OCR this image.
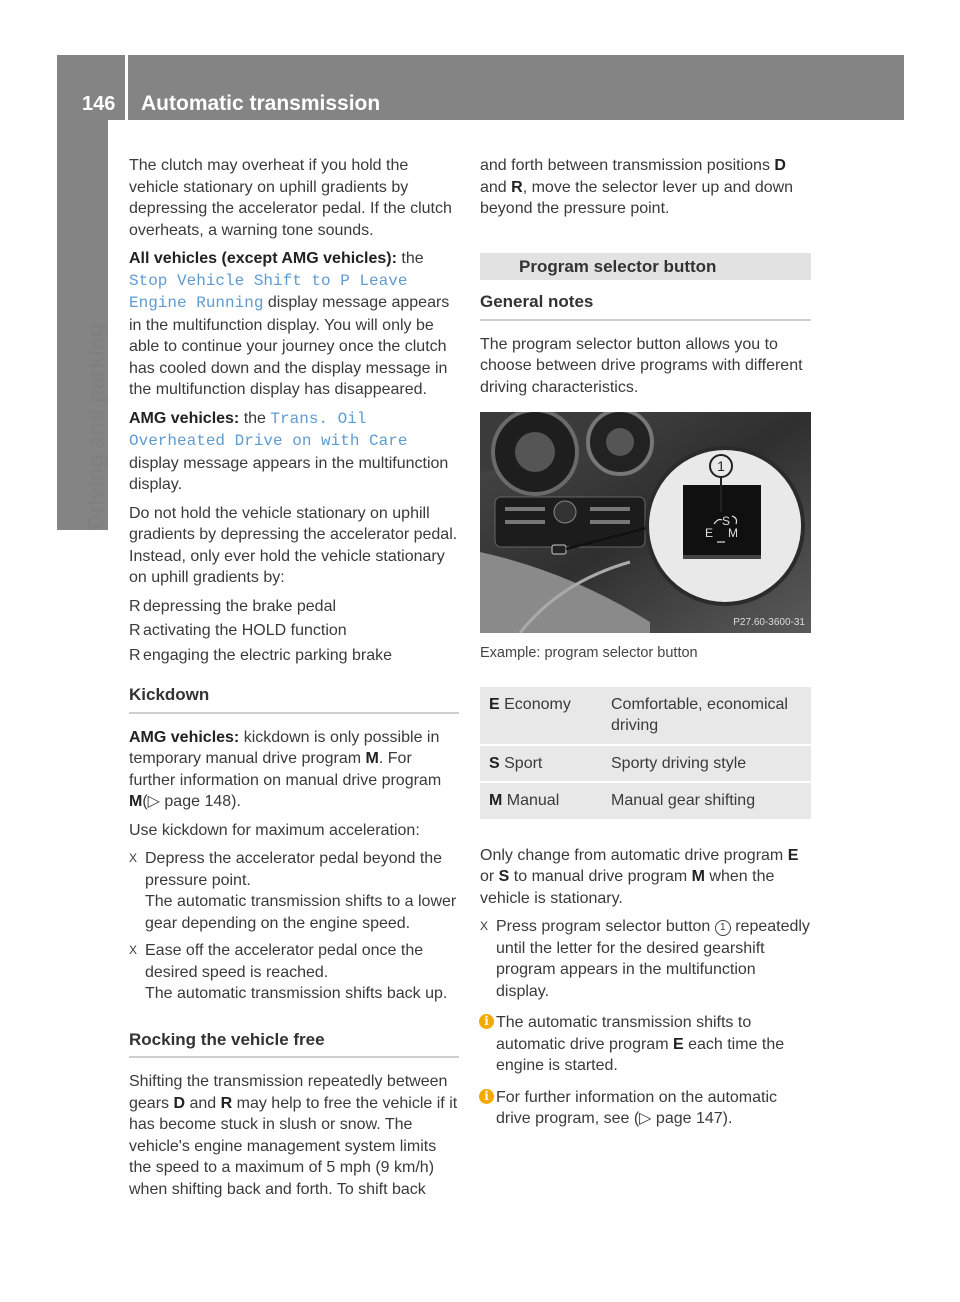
146 Automatic transmission
Driving and parking

The clutch may overheat if you hold the vehicle stationary on uphill gradients by depressing the accelerator pedal. If the clutch overheats, a warning tone sounds.

All vehicles (except AMG vehicles): the Stop Vehicle Shift to P Leave Engine Running display message appears in the multifunction display. You will only be able to continue your journey once the clutch has cooled down and the display message in the multifunction display has disappeared.

AMG vehicles: the Trans. Oil Overheated Drive on with Care display message appears in the multifunction display.

Do not hold the vehicle stationary on uphill gradients by depressing the accelerator pedal. Instead, only ever hold the vehicle stationary on uphill gradients by:

R depressing the brake pedal
R activating the HOLD function
R engaging the electric parking brake
Kickdown

AMG vehicles: kickdown is only possible in temporary manual drive program M. For further information on manual drive program M(▷ page 148).

Use kickdown for maximum acceleration:

X Depress the accelerator pedal beyond the pressure point.
The automatic transmission shifts to a lower gear depending on the engine speed.
X Ease off the accelerator pedal once the desired speed is reached.
The automatic transmission shifts back up.
Rocking the vehicle free

Shifting the transmission repeatedly between gears D and R may help to free the vehicle if it has become stuck in slush or snow. The vehicle's engine management system limits the speed to a maximum of 5 mph (9 km/h) when shifting back and forth. To shift back

and forth between transmission positions D and R, move the selector lever up and down beyond the pressure point.

Program selector button
General notes

The program selector button allows you to choose between drive programs with different driving characteristics.

1
S
E M
P27.60-3600-31
Example: program selector button
E Economy	Comfortable, economical driving
S Sport	Sporty driving style
M Manual	Manual gear shifting

Only change from automatic drive program E or S to manual drive program M when the vehicle is stationary.

X Press program selector button 1 repeatedly until the letter for the desired gearshift program appears in the multifunction display.
i The automatic transmission shifts to automatic drive program E each time the engine is started.
i For further information on the automatic drive program, see (▷ page 147).
